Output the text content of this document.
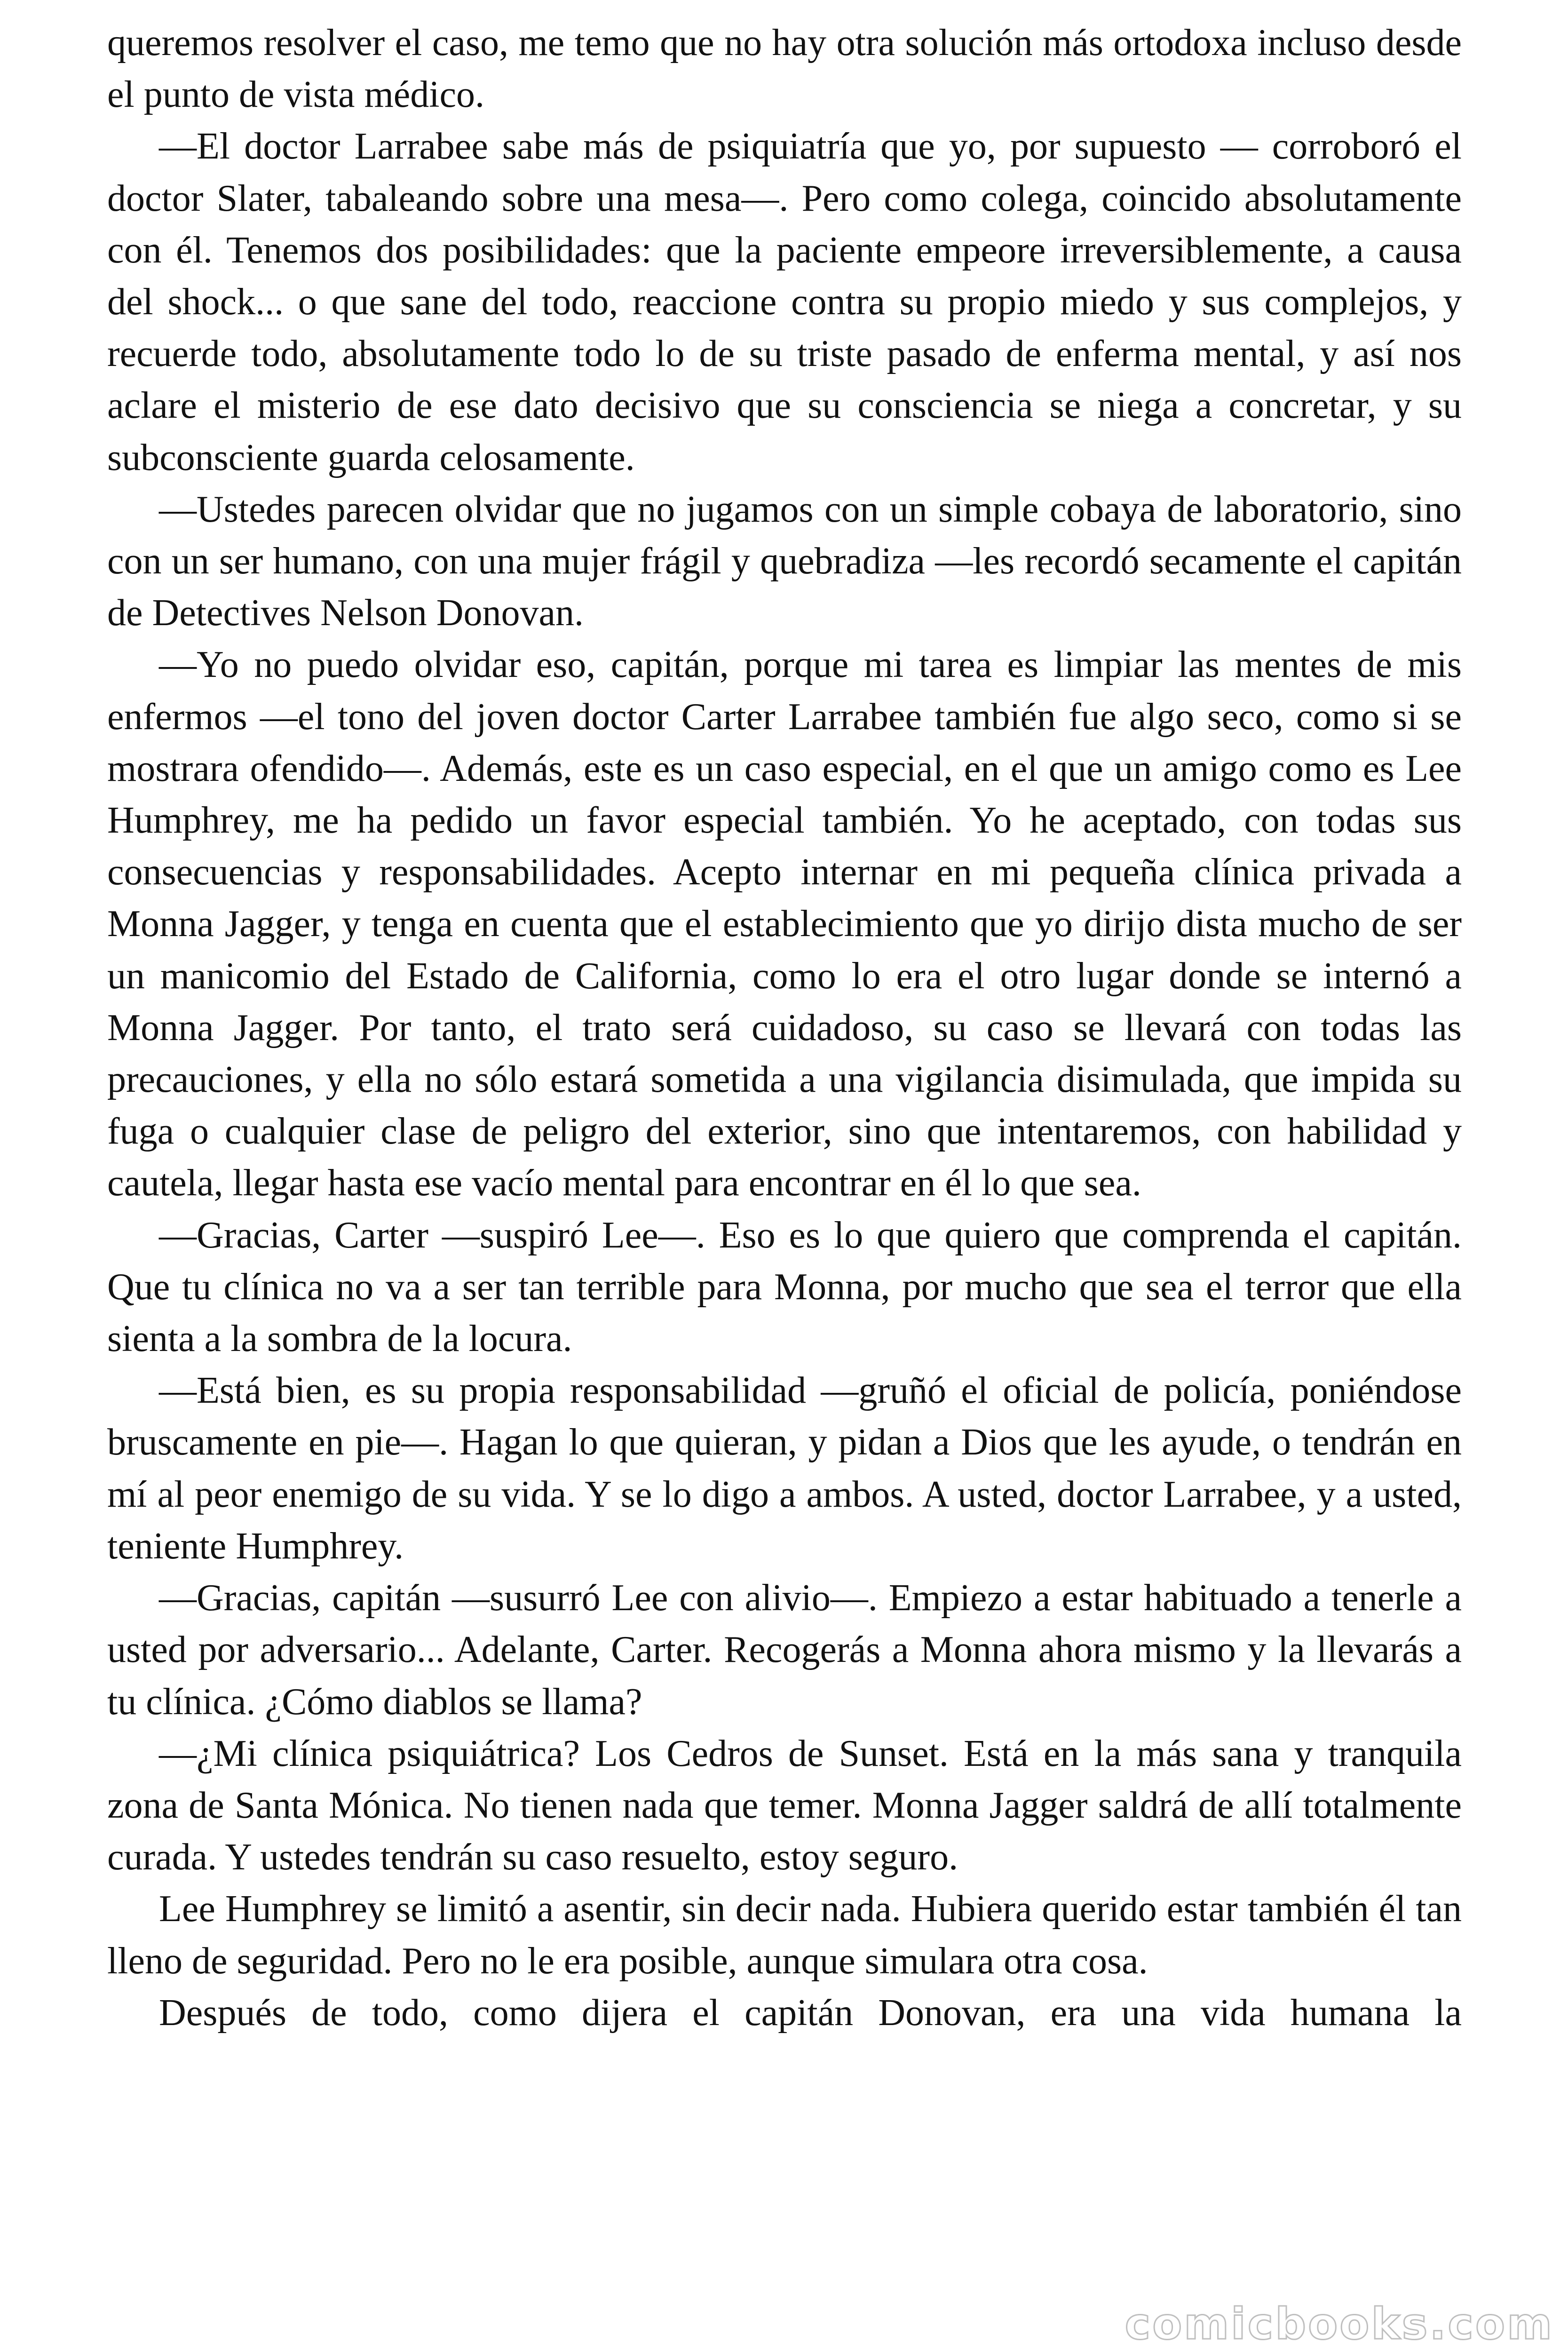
queremos resolver el caso, me temo que no hay otra solución más ortodoxa incluso desde el punto de vista médico.

—El doctor Larrabee sabe más de psiquiatría que yo, por supuesto — corroboró el doctor Slater, tabaleando sobre una mesa—. Pero como colega, coincido absolutamente con él. Tenemos dos posibilidades: que la paciente empeore irreversiblemente, a causa del shock... o que sane del todo, reaccione contra su propio miedo y sus complejos, y recuerde todo, absolutamente todo lo de su triste pasado de enferma mental, y así nos aclare el misterio de ese dato decisivo que su consciencia se niega a concretar, y su subconsciente guarda celosamente.

—Ustedes parecen olvidar que no jugamos con un simple cobaya de laboratorio, sino con un ser humano, con una mujer frágil y quebradiza —les recordó secamente el capitán de Detectives Nelson Donovan.

—Yo no puedo olvidar eso, capitán, porque mi tarea es limpiar las mentes de mis enfermos —el tono del joven doctor Carter Larrabee también fue algo seco, como si se mostrara ofendido—. Además, este es un caso especial, en el que un amigo como es Lee Humphrey, me ha pedido un favor especial también. Yo he aceptado, con todas sus consecuencias y responsabilidades. Acepto internar en mi pequeña clínica privada a Monna Jagger, y tenga en cuenta que el establecimiento que yo dirijo dista mucho de ser un manicomio del Estado de California, como lo era el otro lugar donde se internó a Monna Jagger. Por tanto, el trato será cuidadoso, su caso se llevará con todas las precauciones, y ella no sólo estará sometida a una vigilancia disimulada, que impida su fuga o cualquier clase de peligro del exterior, sino que intentaremos, con habilidad y cautela, llegar hasta ese vacío mental para encontrar en él lo que sea.

—Gracias, Carter —suspiró Lee—. Eso es lo que quiero que comprenda el capitán. Que tu clínica no va a ser tan terrible para Monna, por mucho que sea el terror que ella sienta a la sombra de la locura.

—Está bien, es su propia responsabilidad —gruñó el oficial de policía, poniéndose bruscamente en pie—. Hagan lo que quieran, y pidan a Dios que les ayude, o tendrán en mí al peor enemigo de su vida. Y se lo digo a ambos. A usted, doctor Larrabee, y a usted, teniente Humphrey.

—Gracias, capitán —susurró Lee con alivio—. Empiezo a estar habituado a tenerle a usted por adversario... Adelante, Carter. Recogerás a Monna ahora mismo y la llevarás a tu clínica. ¿Cómo diablos se llama?

—¿Mi clínica psiquiátrica? Los Cedros de Sunset. Está en la más sana y tranquila zona de Santa Mónica. No tienen nada que temer. Monna Jagger saldrá de allí totalmente curada. Y ustedes tendrán su caso resuelto, estoy seguro.

Lee Humphrey se limitó a asentir, sin decir nada. Hubiera querido estar también él tan lleno de seguridad. Pero no le era posible, aunque simulara otra cosa.

Después de todo, como dijera el capitán Donovan, era una vida humana la

comicbooks.com
